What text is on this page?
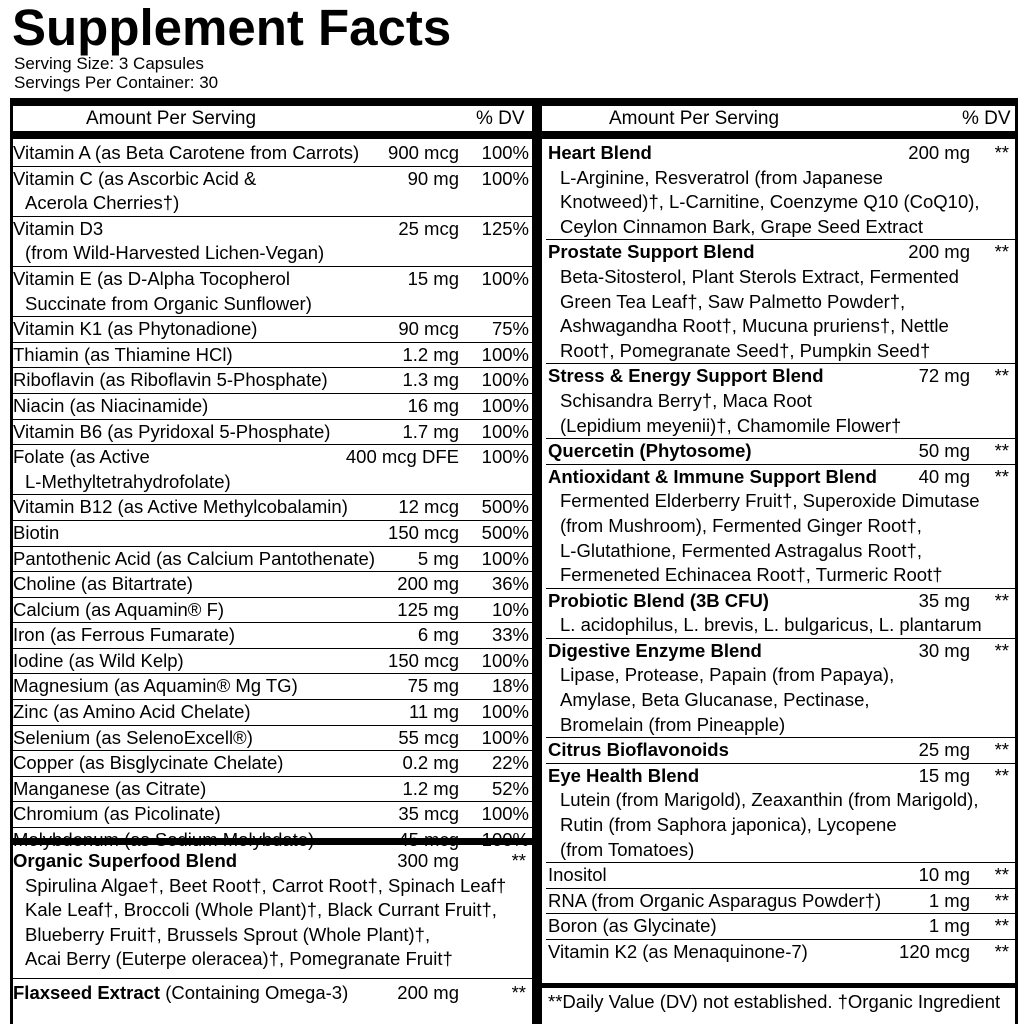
Supplement Facts
Serving Size: 3 Capsules
Servings Per Container: 30
Amount Per Serving	% DV	Amount Per Serving	% DV
Vitamin A (as Beta Carotene from Carrots) 900 mcg 100%
Vitamin C (as Ascorbic Acid &	90 mg 100%
Acerola Cherries†)
Vitamin D3	25 mcg 125%
(from Wild-Harvested Lichen-Vegan)
Vitamin E (as D-Alpha Tocopherol	15 mg 100%
Succinate from Organic Sunflower)
Vitamin K1 (as Phytonadione)	90 mcg 75%
Thiamin (as Thiamine HCl)	1.2 mg 100%
Riboflavin (as Riboflavin 5-Phosphate)	1.3 mg 100%
Niacin (as Niacinamide)	16 mg 100%
Vitamin B6 (as Pyridoxal 5-Phosphate)	1.7 mg 100%
Folate (as Active	400 mcg DFE 100%
L-Methyltetrahydrofolate)
Vitamin B12 (as Active Methylcobalamin)	12 mcg 500%
Biotin	150 mcg 500%
Pantothenic Acid (as Calcium Pantothenate) 5 mg 100%
Choline (as Bitartrate)	200 mg 36%
Calcium (as Aquamin® F)	125 mg 10%
Iron (as Ferrous Fumarate)	6 mg 33%
Iodine (as Wild Kelp)	150 mcg 100%
Magnesium (as Aquamin® Mg TG)	75 mg 18%
Zinc (as Amino Acid Chelate)	11 mg 100%
Selenium (as SelenoExcell®)	55 mcg 100%
Copper (as Bisglycinate Chelate)	0.2 mg 22%
Manganese (as Citrate)	1.2 mg 52%
Chromium (as Picolinate)	35 mcg 100%
Molybdenum (as Sodium Molybdate)	45 mcg 100%
Organic Superfood Blend	300 mg	**
Spirulina Algae†, Beet Root†, Carrot Root†, Spinach Leaf†
Kale Leaf†, Broccoli (Whole Plant)†, Black Currant Fruit†,
Blueberry Fruit†, Brussels Sprout (Whole Plant)†,
Acai Berry (Euterpe oleracea)†, Pomegranate Fruit†
Flaxseed Extract (Containing Omega-3)	200 mg	**
Heart Blend	200 mg **
L-Arginine, Resveratrol (from Japanese
Knotweed)†, L-Carnitine, Coenzyme Q10 (CoQ10),
Ceylon Cinnamon Bark, Grape Seed Extract
Prostate Support Blend	200 mg **
Beta-Sitosterol, Plant Sterols Extract, Fermented
Green Tea Leaf†, Saw Palmetto Powder†,
Ashwagandha Root†, Mucuna pruriens†, Nettle
Root†, Pomegranate Seed†, Pumpkin Seed†
Stress & Energy Support Blend	72 mg **
Schisandra Berry†, Maca Root
(Lepidium meyenii)†, Chamomile Flower†
Quercetin (Phytosome)	50 mg **
Antioxidant & Immune Support Blend 40 mg **
Fermented Elderberry Fruit†, Superoxide Dimutase
(from Mushroom), Fermented Ginger Root†,
L-Glutathione, Fermented Astragalus Root†,
Fermeneted Echinacea Root†, Turmeric Root†
Probiotic Blend (3B CFU)	35 mg **
L. acidophilus, L. brevis, L. bulgaricus, L. plantarum
Digestive Enzyme Blend	30 mg **
Lipase, Protease, Papain (from Papaya),
Amylase, Beta Glucanase, Pectinase,
Bromelain (from Pineapple)
Citrus Bioflavonoids	25 mg **
Eye Health Blend	15 mg **
Lutein (from Marigold), Zeaxanthin (from Marigold),
Rutin (from Saphora japonica), Lycopene
(from Tomatoes)
Inositol	10 mg **
RNA (from Organic Asparagus Powder†)	1 mg **
Boron (as Glycinate)	1 mg **
Vitamin K2 (as Menaquinone-7)	120 mcg **
**Daily Value (DV) not established. †Organic Ingredient
